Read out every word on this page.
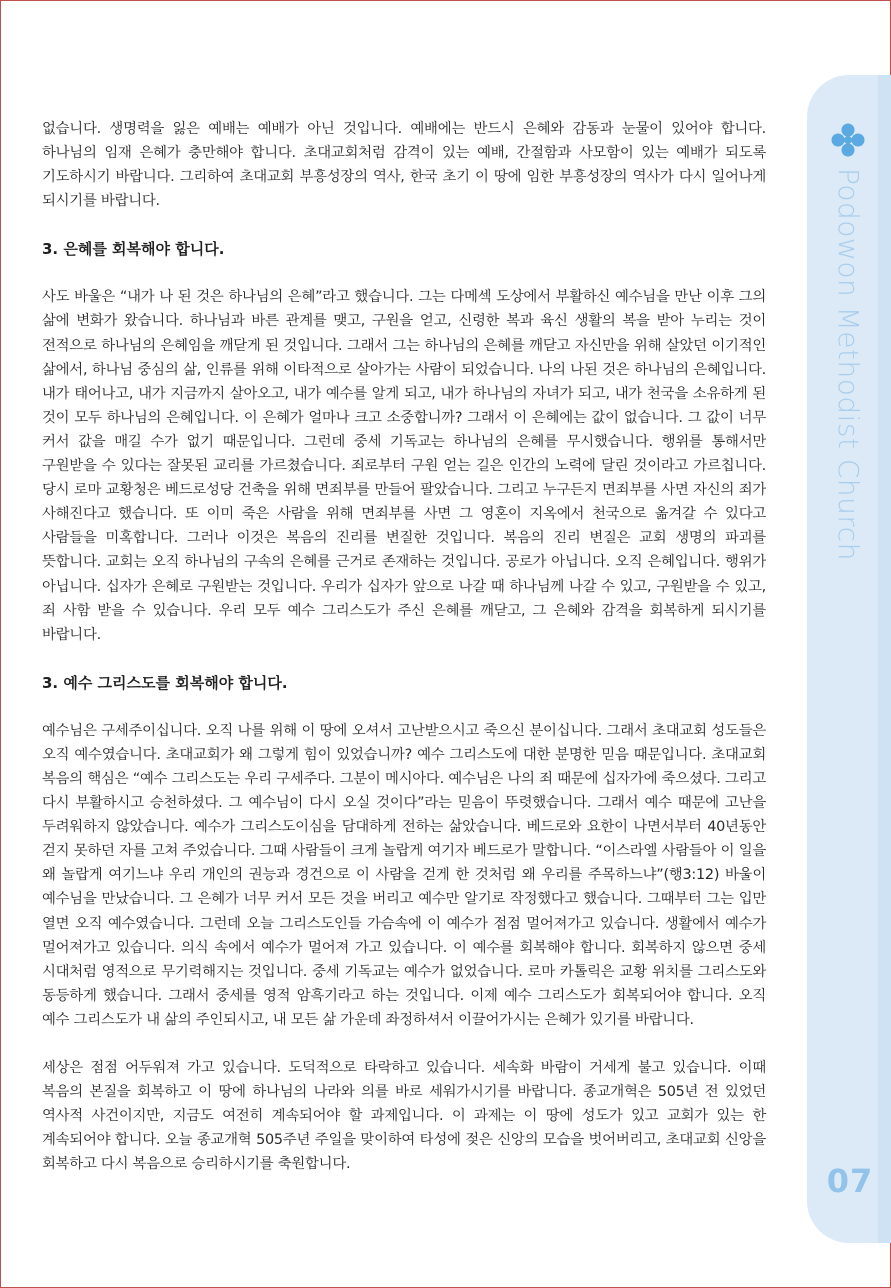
Podowon Methodist Church
07

없습니다. 생명력을 잃은 예배는 예배가 아닌 것입니다. 예배에는 반드시 은혜와 감동과 눈물이 있어야 합니다. 하나님의 임재 은혜가 충만해야 합니다. 초대교회처럼 감격이 있는 예배, 간절함과 사모함이 있는 예배가 되도록 기도하시기 바랍니다. 그리하여 초대교회 부흥성장의 역사, 한국 초기 이 땅에 임한 부흥성장의 역사가 다시 일어나게 되시기를 바랍니다.

3. 은혜를 회복해야 합니다.

사도 바울은 “내가 나 된 것은 하나님의 은혜”라고 했습니다. 그는 다메섹 도상에서 부활하신 예수님을 만난 이후 그의 삶에 변화가 왔습니다. 하나님과 바른 관계를 맺고, 구원을 얻고, 신령한 복과 육신 생활의 복을 받아 누리는 것이 전적으로 하나님의 은혜임을 깨닫게 된 것입니다. 그래서 그는 하나님의 은혜를 깨닫고 자신만을 위해 살았던 이기적인 삶에서, 하나님 중심의 삶, 인류를 위해 이타적으로 살아가는 사람이 되었습니다. 나의 나된 것은 하나님의 은혜입니다. 내가 태어나고, 내가 지금까지 살아오고, 내가 예수를 알게 되고, 내가 하나님의 자녀가 되고, 내가 천국을 소유하게 된 것이 모두 하나님의 은혜입니다. 이 은혜가 얼마나 크고 소중합니까? 그래서 이 은혜에는 값이 없습니다. 그 값이 너무 커서 값을 매길 수가 없기 때문입니다. 그런데 중세 기독교는 하나님의 은혜를 무시했습니다. 행위를 통해서만 구원받을 수 있다는 잘못된 교리를 가르쳤습니다. 죄로부터 구원 얻는 길은 인간의 노력에 달린 것이라고 가르칩니다. 당시 로마 교황청은 베드로성당 건축을 위해 면죄부를 만들어 팔았습니다. 그리고 누구든지 면죄부를 사면 자신의 죄가 사해진다고 했습니다. 또 이미 죽은 사람을 위해 면죄부를 사면 그 영혼이 지옥에서 천국으로 옮겨갈 수 있다고 사람들을 미혹합니다. 그러나 이것은 복음의 진리를 변질한 것입니다. 복음의 진리 변질은 교회 생명의 파괴를 뜻합니다. 교회는 오직 하나님의 구속의 은혜를 근거로 존재하는 것입니다. 공로가 아닙니다. 오직 은혜입니다. 행위가 아닙니다. 십자가 은혜로 구원받는 것입니다. 우리가 십자가 앞으로 나갈 때 하나님께 나갈 수 있고, 구원받을 수 있고, 죄 사함 받을 수 있습니다. 우리 모두 예수 그리스도가 주신 은혜를 깨닫고, 그 은혜와 감격을 회복하게 되시기를 바랍니다.

3. 예수 그리스도를 회복해야 합니다.

예수님은 구세주이십니다. 오직 나를 위해 이 땅에 오셔서 고난받으시고 죽으신 분이십니다. 그래서 초대교회 성도들은 오직 예수였습니다. 초대교회가 왜 그렇게 힘이 있었습니까? 예수 그리스도에 대한 분명한 믿음 때문입니다. 초대교회 복음의 핵심은 “예수 그리스도는 우리 구세주다. 그분이 메시아다. 예수님은 나의 죄 때문에 십자가에 죽으셨다. 그리고 다시 부활하시고 승천하셨다. 그 예수님이 다시 오실 것이다”라는 믿음이 뚜렷했습니다. 그래서 예수 때문에 고난을 두려워하지 않았습니다. 예수가 그리스도이심을 담대하게 전하는 삶았습니다. 베드로와 요한이 나면서부터 40년동안 걷지 못하던 자를 고쳐 주었습니다. 그때 사람들이 크게 놀랍게 여기자 베드로가 말합니다. “이스라엘 사람들아 이 일을 왜 놀랍게 여기느냐 우리 개인의 권능과 경건으로 이 사람을 걷게 한 것처럼 왜 우리를 주목하느냐”(행3:12) 바울이 예수님을 만났습니다. 그 은혜가 너무 커서 모든 것을 버리고 예수만 알기로 작정했다고 했습니다. 그때부터 그는 입만 열면 오직 예수였습니다. 그런데 오늘 그리스도인들 가슴속에 이 예수가 점점 멀어져가고 있습니다. 생활에서 예수가 멀어져가고 있습니다. 의식 속에서 예수가 멀어져 가고 있습니다. 이 예수를 회복해야 합니다. 회복하지 않으면 중세 시대처럼 영적으로 무기력해지는 것입니다. 중세 기독교는 예수가 없었습니다. 로마 카톨릭은 교황 위치를 그리스도와 동등하게 했습니다. 그래서 중세를 영적 암흑기라고 하는 것입니다. 이제 예수 그리스도가 회복되어야 합니다. 오직 예수 그리스도가 내 삶의 주인되시고, 내 모든 삶 가운데 좌정하셔서 이끌어가시는 은혜가 있기를 바랍니다.

세상은 점점 어두워져 가고 있습니다. 도덕적으로 타락하고 있습니다. 세속화 바람이 거세게 불고 있습니다. 이때 복음의 본질을 회복하고 이 땅에 하나님의 나라와 의를 바로 세워가시기를 바랍니다. 종교개혁은 505년 전 있었던 역사적 사건이지만, 지금도 여전히 계속되어야 할 과제입니다. 이 과제는 이 땅에 성도가 있고 교회가 있는 한 계속되어야 합니다. 오늘 종교개혁 505주년 주일을 맞이하여 타성에 젖은 신앙의 모습을 벗어버리고, 초대교회 신앙을 회복하고 다시 복음으로 승리하시기를 축원합니다.
